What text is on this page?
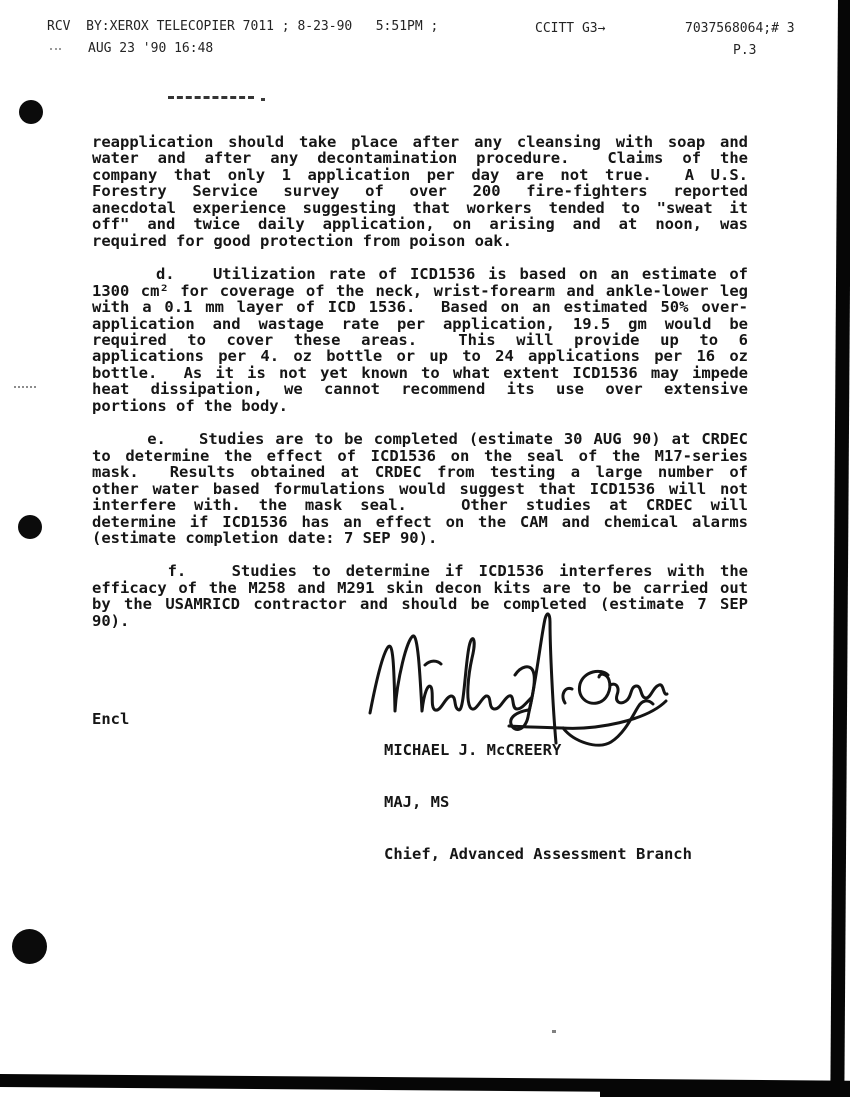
RCV  BY:XEROX TELECOPIER 7011 ; 8-23-90   5:51PM ;	CCITT G3→	7037568064;# 3
AUG 23 '90 16:48	P.3
reapplication should take place after any cleansing with soap and
water and after any decontamination procedure.  Claims of the
company that only 1 application per day are not true.  A U.S.
Forestry Service survey of over 200 fire-fighters reported
anecdotal experience suggesting that workers tended to "sweat it
off" and twice daily application, on arising and at noon, was
required for good protection from poison oak.
d.   Utilization rate of ICD1536 is based on an estimate of
1300 cm² for coverage of the neck, wrist-forearm and ankle-lower leg
with a 0.1 mm layer of ICD 1536.  Based on an estimated 50% over-
application and wastage rate per application, 19.5 gm would be
required to cover these areas.  This will provide up to 6
applications per 4. oz bottle or up to 24 applications per 16 oz
bottle.  As it is not yet known to what extent ICD1536 may impede
heat dissipation, we cannot recommend its use over extensive
portions of the body.
e.   Studies are to be completed (estimate 30 AUG 90) at CRDEC
to determine the effect of ICD1536 on the seal of the M17-series
mask.  Results obtained at CRDEC from testing a large number of
other water based formulations would suggest that ICD1536 will not
interfere with. the mask seal.   Other studies at CRDEC will
determine if ICD1536 has an effect on the CAM and chemical alarms
(estimate completion date: 7 SEP 90).
f.   Studies to determine if ICD1536 interferes with the
efficacy of the M258 and M291 skin decon kits are to be carried out
by the USAMRICD contractor and should be completed (estimate 7 SEP
90).
Encl

MICHAEL J. McCREERY

MAJ, MS

Chief, Advanced Assessment Branch
